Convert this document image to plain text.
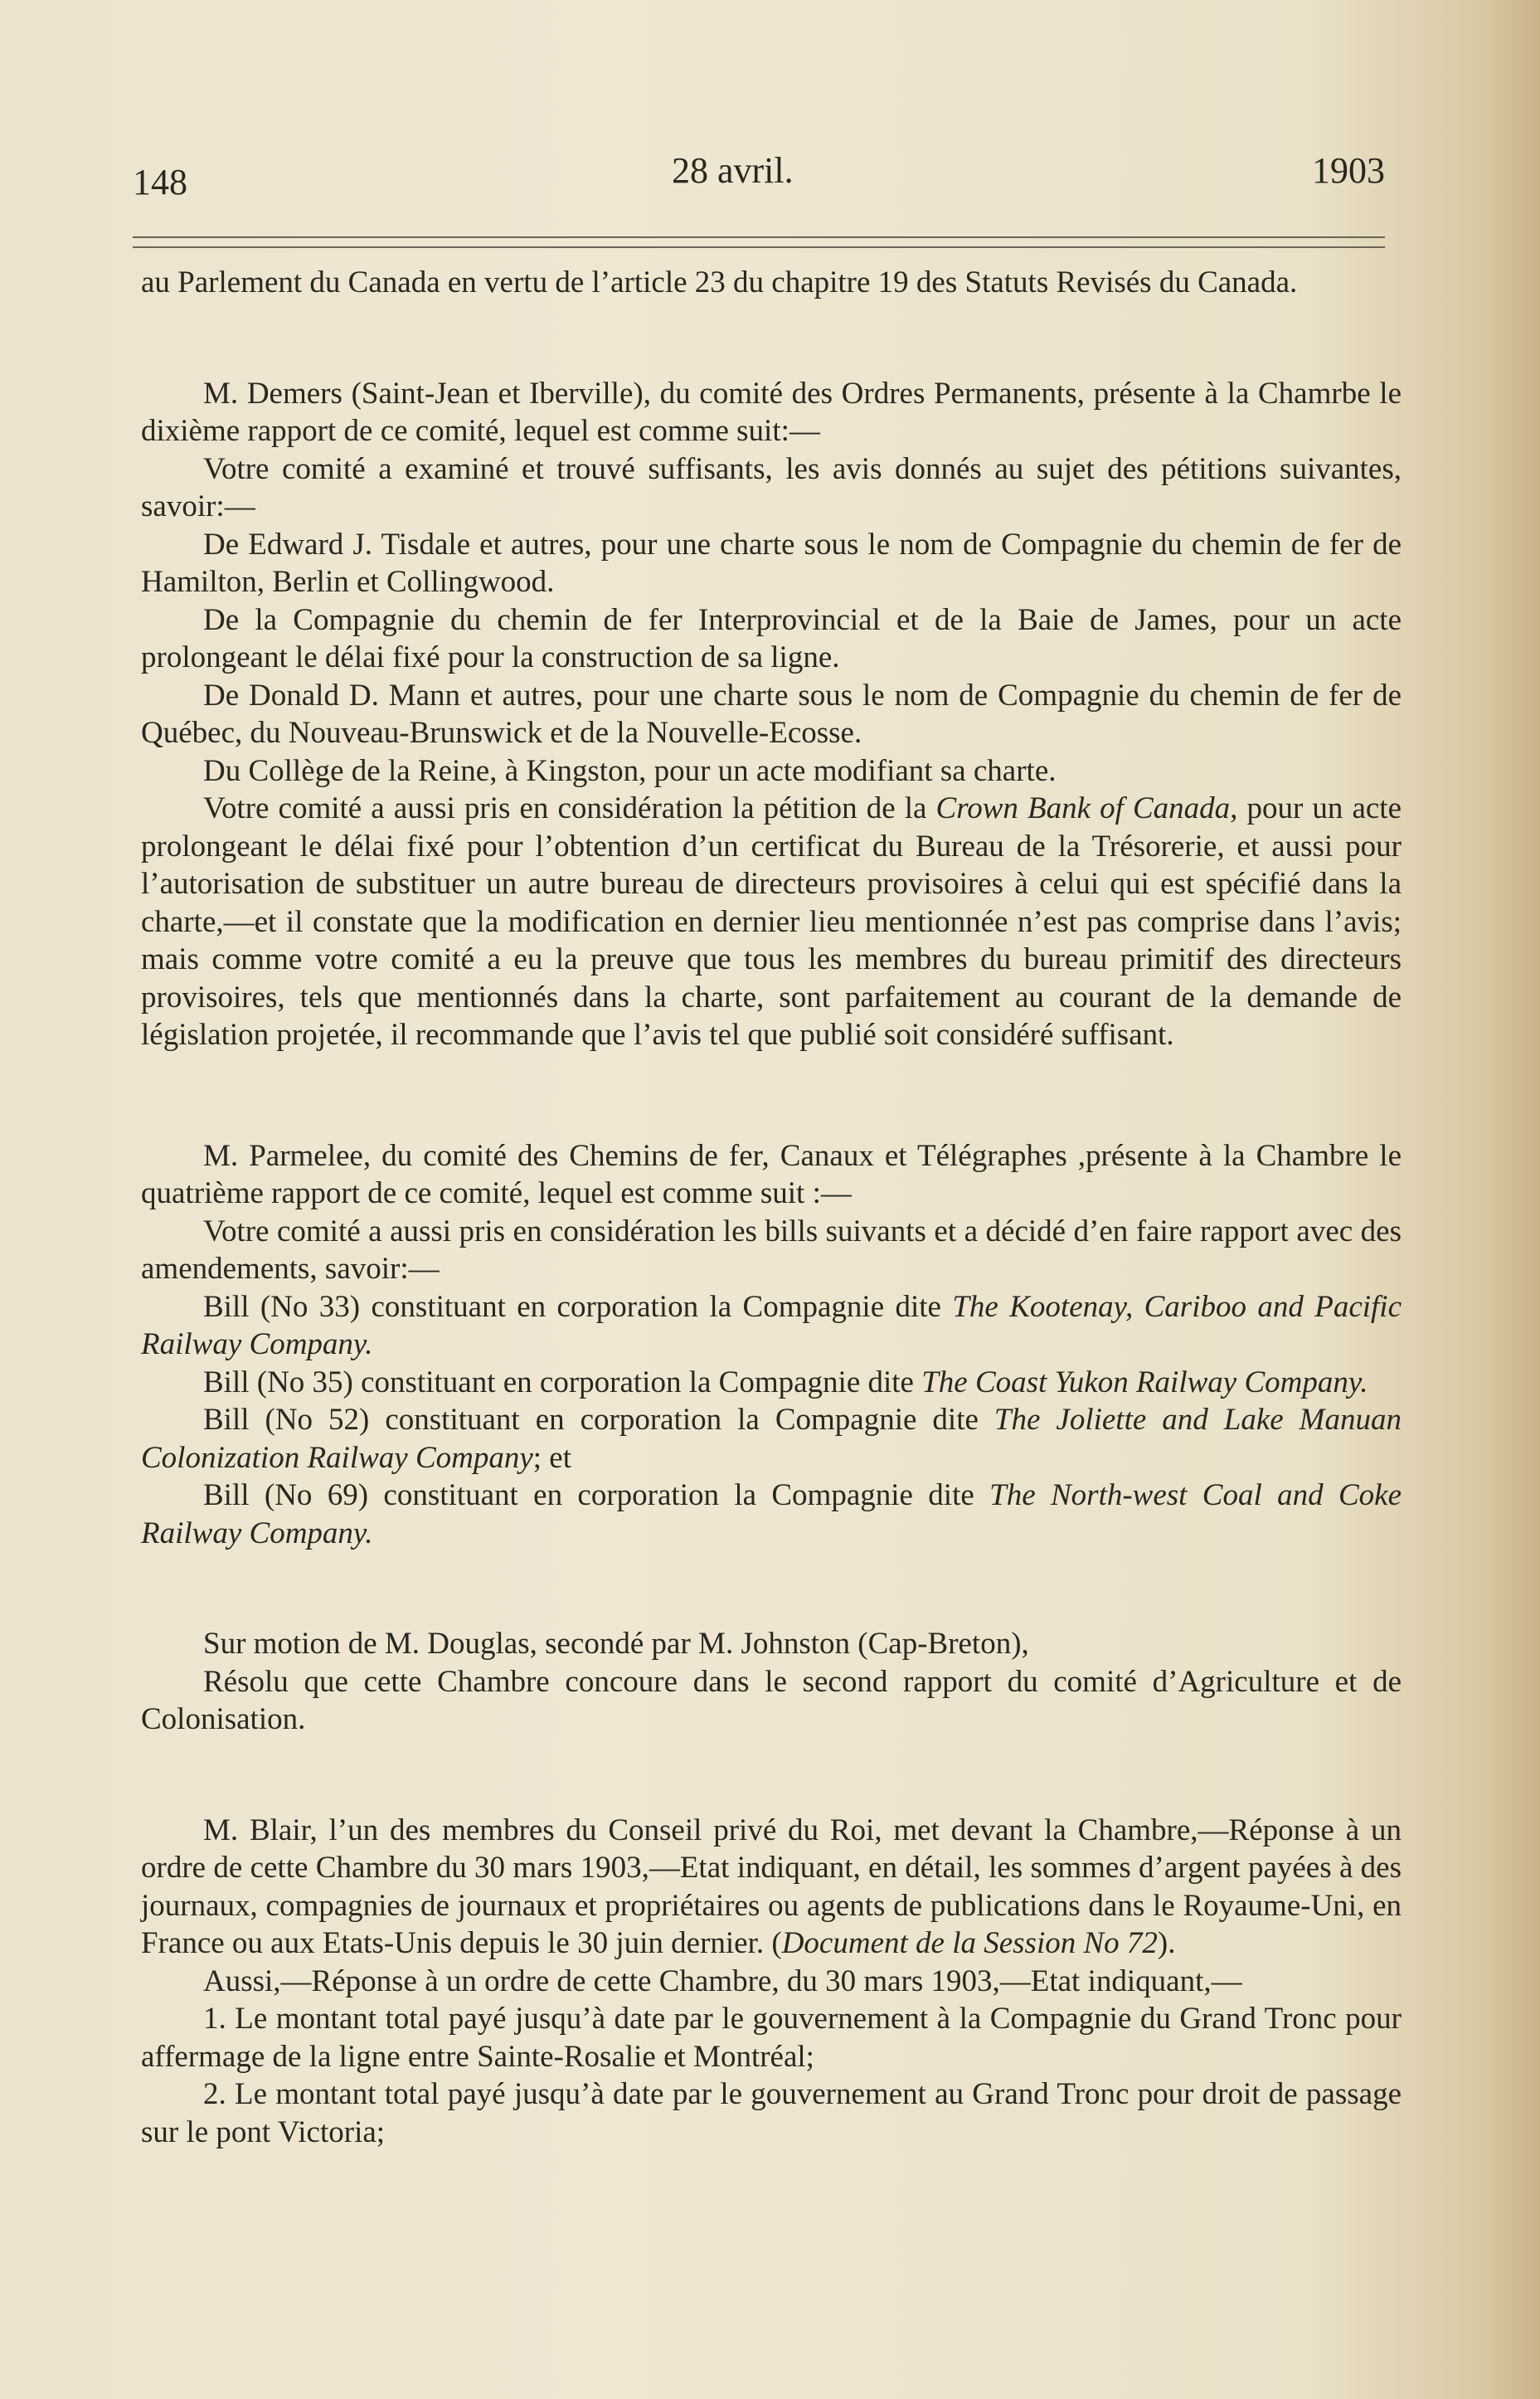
148	28 avril.	1903

au Parlement du Canada en vertu de l’article 23 du chapitre 19 des Statuts Revisés du Canada.

M. Demers (Saint-Jean et Iberville), du comité des Ordres Permanents, présente à la Chamrbe le dixième rapport de ce comité, lequel est comme suit:—

Votre comité a examiné et trouvé suffisants, les avis donnés au sujet des pétitions suivantes, savoir:—

De Edward J. Tisdale et autres, pour une charte sous le nom de Compagnie du chemin de fer de Hamilton, Berlin et Collingwood.

De la Compagnie du chemin de fer Interprovincial et de la Baie de James, pour un acte prolongeant le délai fixé pour la construction de sa ligne.

De Donald D. Mann et autres, pour une charte sous le nom de Compagnie du chemin de fer de Québec, du Nouveau-Brunswick et de la Nouvelle-Ecosse.

Du Collège de la Reine, à Kingston, pour un acte modifiant sa charte.

Votre comité a aussi pris en considération la pétition de la Crown Bank of Canada, pour un acte prolongeant le délai fixé pour l’obtention d’un certificat du Bureau de la Trésorerie, et aussi pour l’autorisation de substituer un autre bureau de directeurs provisoires à celui qui est spécifié dans la charte,—et il constate que la modification en dernier lieu mentionnée n’est pas comprise dans l’avis; mais comme votre comité a eu la preuve que tous les membres du bureau primitif des directeurs provisoires, tels que mentionnés dans la charte, sont parfaitement au courant de la demande de législation projetée, il recommande que l’avis tel que publié soit considéré suffisant.

M. Parmelee, du comité des Chemins de fer, Canaux et Télégraphes ,présente à la Chambre le quatrième rapport de ce comité, lequel est comme suit :—

Votre comité a aussi pris en considération les bills suivants et a décidé d’en faire rapport avec des amendements, savoir:—

Bill (No 33) constituant en corporation la Compagnie dite The Kootenay, Cariboo and Pacific Railway Company.

Bill (No 35) constituant en corporation la Compagnie dite The Coast Yukon Railway Company.

Bill (No 52) constituant en corporation la Compagnie dite The Joliette and Lake Manuan Colonization Railway Company; et

Bill (No 69) constituant en corporation la Compagnie dite The North-west Coal and Coke Railway Company.

Sur motion de M. Douglas, secondé par M. Johnston (Cap-Breton),

Résolu que cette Chambre concoure dans le second rapport du comité d’Agriculture et de Colonisation.

M. Blair, l’un des membres du Conseil privé du Roi, met devant la Chambre,—Réponse à un ordre de cette Chambre du 30 mars 1903,—Etat indiquant, en détail, les sommes d’argent payées à des journaux, compagnies de journaux et propriétaires ou agents de publications dans le Royaume-Uni, en France ou aux Etats-Unis depuis le 30 juin dernier. (Document de la Session No 72).

Aussi,—Réponse à un ordre de cette Chambre, du 30 mars 1903,—Etat indiquant,—

1. Le montant total payé jusqu’à date par le gouvernement à la Compagnie du Grand Tronc pour affermage de la ligne entre Sainte-Rosalie et Montréal;

2. Le montant total payé jusqu’à date par le gouvernement au Grand Tronc pour droit de passage sur le pont Victoria;
